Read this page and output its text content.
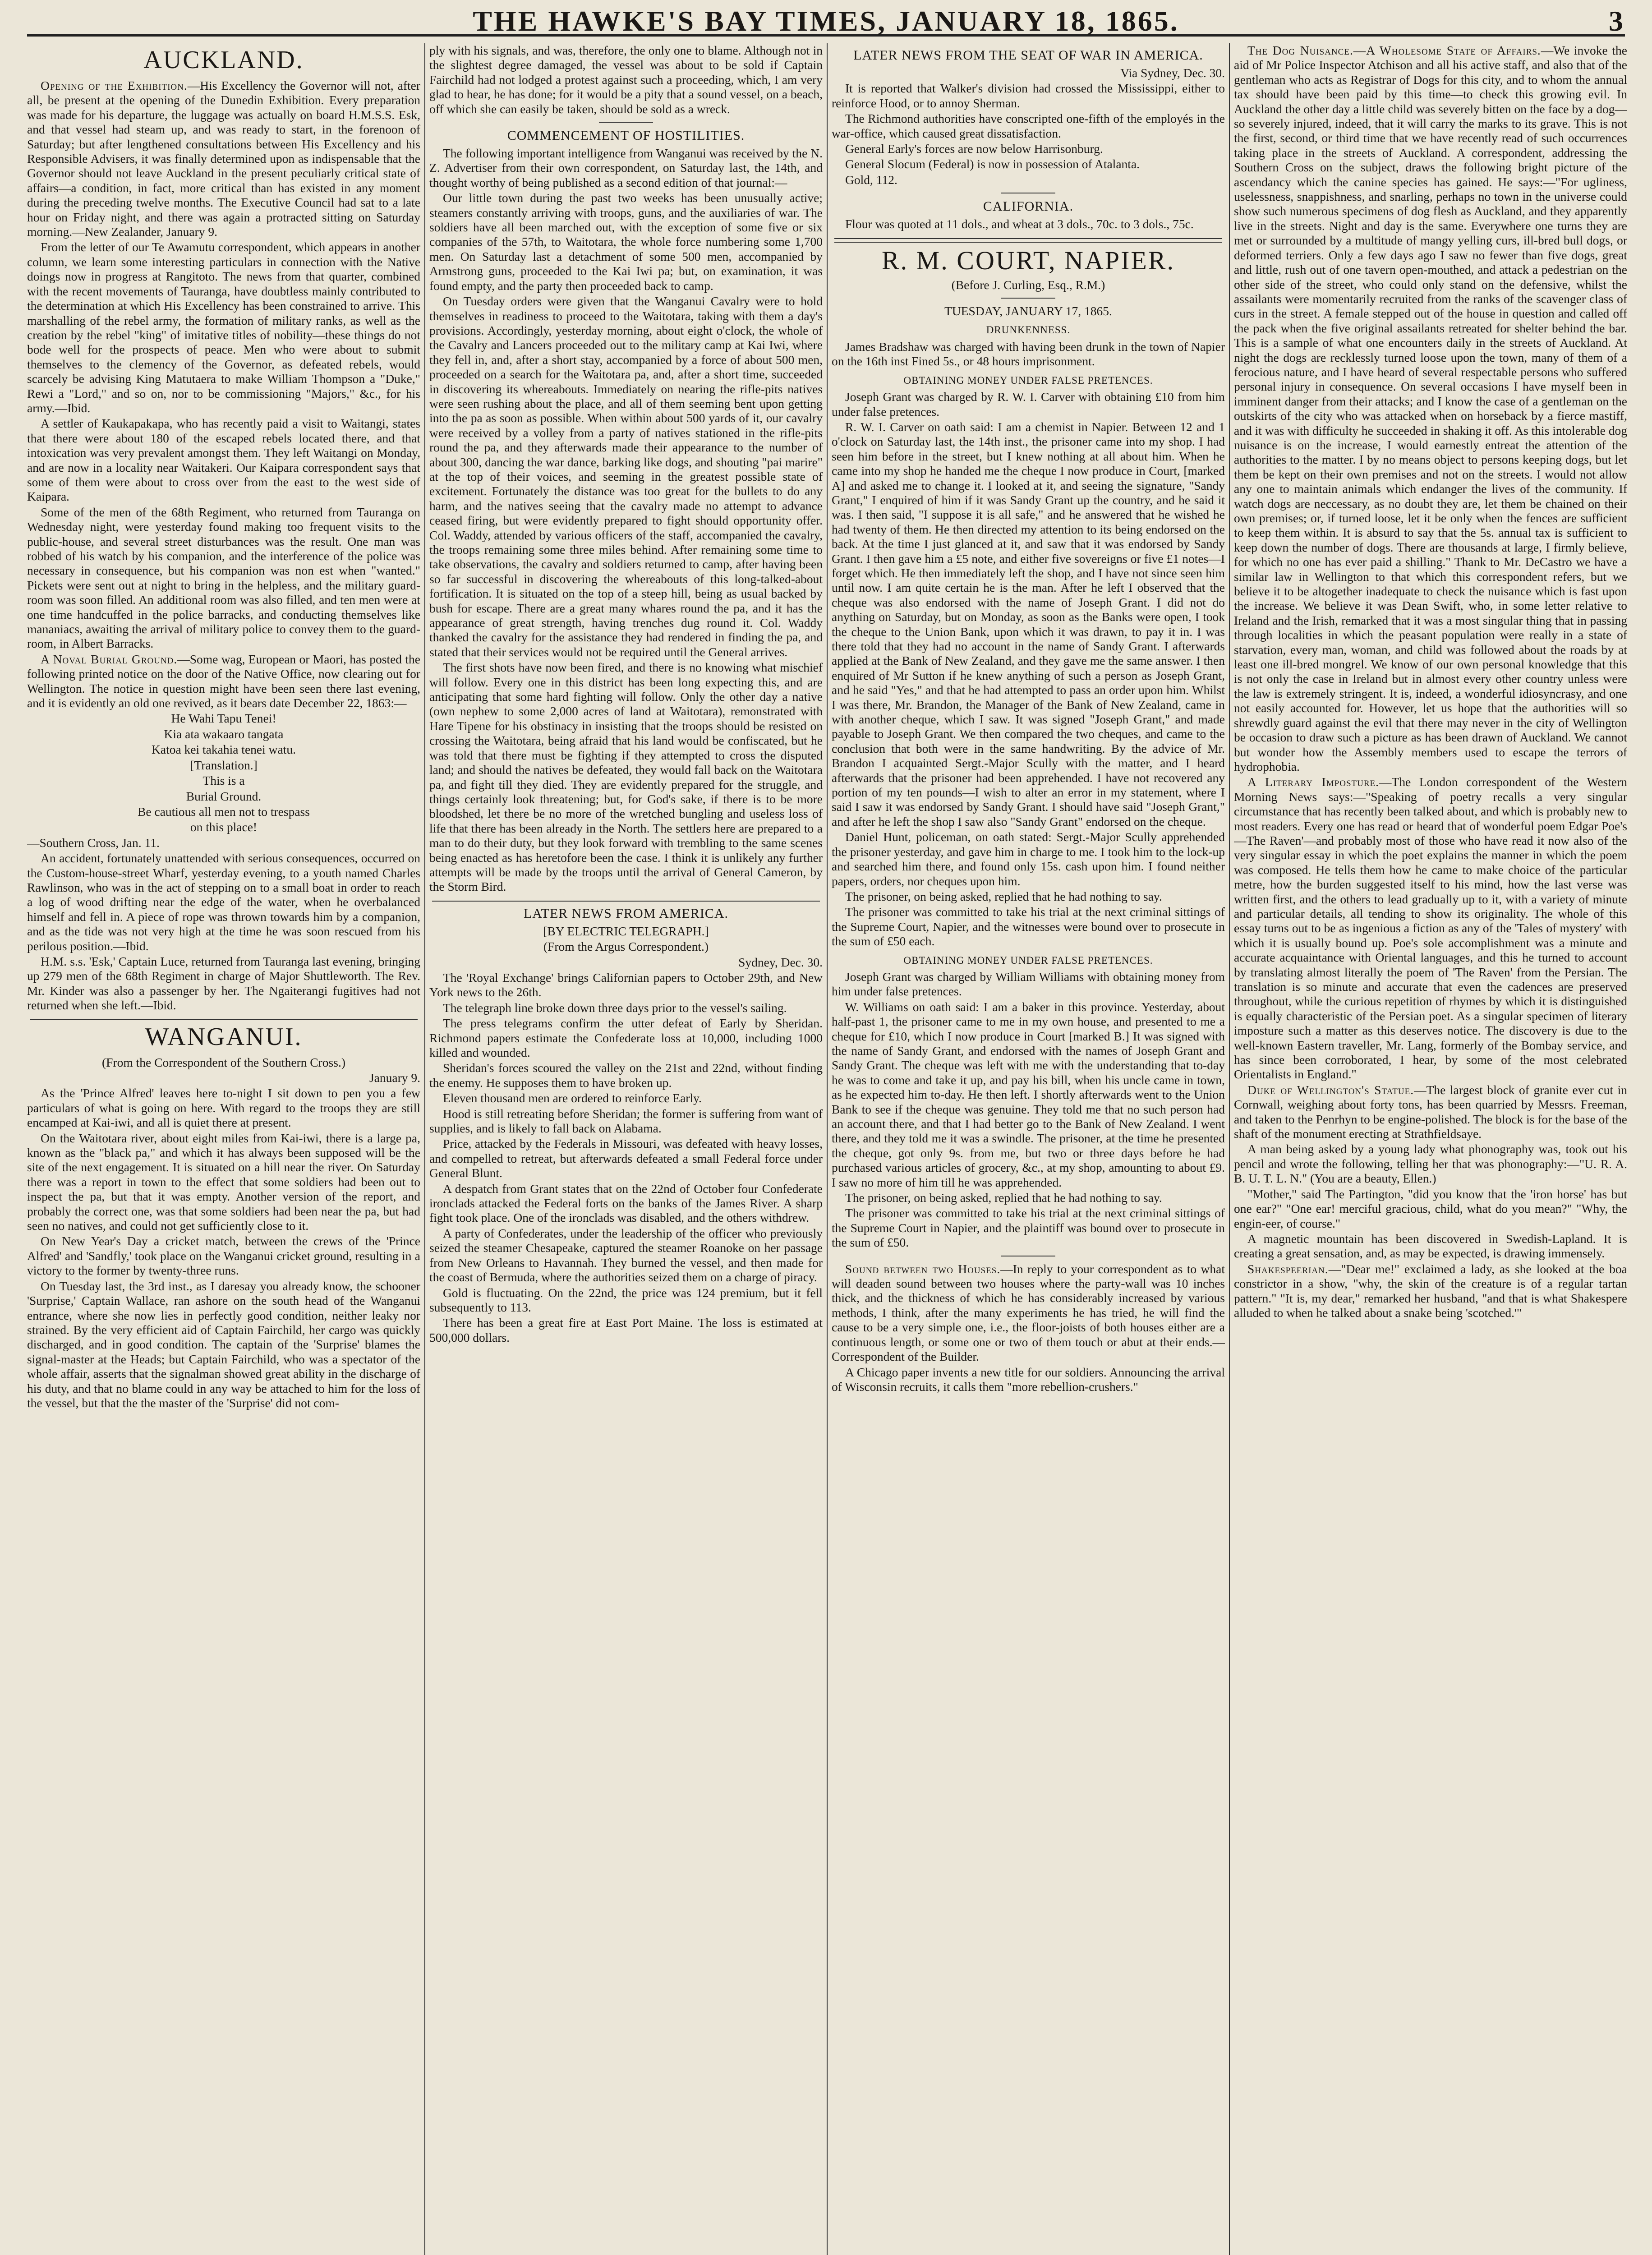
THE HAWKE'S BAY TIMES, JANUARY 18, 1865.	3
AUCKLAND.

Opening of the Exhibition.—His Excellency the Governor will not, after all, be present at the opening of the Dunedin Exhibition. Every preparation was made for his departure, the luggage was actually on board H.M.S.S. Esk, and that vessel had steam up, and was ready to start, in the forenoon of Saturday; but after lengthened consultations between His Excellency and his Responsible Advisers, it was finally determined upon as indispensable that the Governor should not leave Auckland in the present peculiarly critical state of affairs—a condition, in fact, more critical than has existed in any moment during the preceding twelve months. The Executive Council had sat to a late hour on Friday night, and there was again a protracted sitting on Saturday morning.—New Zealander, January 9.

From the letter of our Te Awamutu correspondent, which appears in another column, we learn some interesting particulars in connection with the Native doings now in progress at Rangitoto. The news from that quarter, combined with the recent movements of Tauranga, have doubtless mainly contributed to the determination at which His Excellency has been constrained to arrive. This marshalling of the rebel army, the formation of military ranks, as well as the creation by the rebel "king" of imitative titles of nobility—these things do not bode well for the prospects of peace. Men who were about to submit themselves to the clemency of the Governor, as defeated rebels, would scarcely be advising King Matutaera to make William Thompson a "Duke," Rewi a "Lord," and so on, nor to be commissioning "Majors," &c., for his army.—Ibid.

A settler of Kaukapakapa, who has recently paid a visit to Waitangi, states that there were about 180 of the escaped rebels located there, and that intoxication was very prevalent amongst them. They left Waitangi on Monday, and are now in a locality near Waitakeri. Our Kaipara correspondent says that some of them were about to cross over from the east to the west side of Kaipara.

Some of the men of the 68th Regiment, who returned from Tauranga on Wednesday night, were yesterday found making too frequent visits to the public-house, and several street disturbances was the result. One man was robbed of his watch by his companion, and the interference of the police was necessary in consequence, but his companion was non est when "wanted." Pickets were sent out at night to bring in the helpless, and the military guard-room was soon filled. An additional room was also filled, and ten men were at one time handcuffed in the police barracks, and conducting themselves like mananiacs, awaiting the arrival of military police to convey them to the guard-room, in Albert Barracks.

A Noval Burial Ground.—Some wag, European or Maori, has posted the following printed notice on the door of the Native Office, now clearing out for Wellington. The notice in question might have been seen there last evening, and it is evidently an old one revived, as it bears date December 22, 1863:—

He Wahi Tapu Tenei!

Kia ata wakaaro tangata

Katoa kei takahia tenei watu.

[Translation.]

This is a

Burial Ground.

Be cautious all men not to trespass

on this place!

—Southern Cross, Jan. 11.

An accident, fortunately unattended with serious consequences, occurred on the Custom-house-street Wharf, yesterday evening, to a youth named Charles Rawlinson, who was in the act of stepping on to a small boat in order to reach a log of wood drifting near the edge of the water, when he overbalanced himself and fell in. A piece of rope was thrown towards him by a companion, and as the tide was not very high at the time he was soon rescued from his perilous position.—Ibid.

H.M. s.s. 'Esk,' Captain Luce, returned from Tauranga last evening, bringing up 279 men of the 68th Regiment in charge of Major Shuttleworth. The Rev. Mr. Kinder was also a passenger by her. The Ngaiterangi fugitives had not returned when she left.—Ibid.

WANGANUI.

(From the Correspondent of the Southern Cross.)

January 9.

As the 'Prince Alfred' leaves here to-night I sit down to pen you a few particulars of what is going on here. With regard to the troops they are still encamped at Kai-iwi, and all is quiet there at present.

On the Waitotara river, about eight miles from Kai-iwi, there is a large pa, known as the "black pa," and which it has always been supposed will be the site of the next engagement. It is situated on a hill near the river. On Saturday there was a report in town to the effect that some soldiers had been out to inspect the pa, but that it was empty. Another version of the report, and probably the correct one, was that some soldiers had been near the pa, but had seen no natives, and could not get sufficiently close to it.

On New Year's Day a cricket match, between the crews of the 'Prince Alfred' and 'Sandfly,' took place on the Wanganui cricket ground, resulting in a victory to the former by twenty-three runs.

On Tuesday last, the 3rd inst., as I daresay you already know, the schooner 'Surprise,' Captain Wallace, ran ashore on the south head of the Wanganui entrance, where she now lies in perfectly good condition, neither leaky nor strained. By the very efficient aid of Captain Fairchild, her cargo was quickly discharged, and in good condition. The captain of the 'Surprise' blames the signal-master at the Heads; but Captain Fairchild, who was a spectator of the whole affair, asserts that the signalman showed great ability in the discharge of his duty, and that no blame could in any way be attached to him for the loss of the vessel, but that the the master of the 'Surprise' did not com-

ply with his signals, and was, therefore, the only one to blame. Although not in the slightest degree damaged, the vessel was about to be sold if Captain Fairchild had not lodged a protest against such a proceeding, which, I am very glad to hear, he has done; for it would be a pity that a sound vessel, on a beach, off which she can easily be taken, should be sold as a wreck.

COMMENCEMENT OF HOSTILITIES.

The following important intelligence from Wanganui was received by the N. Z. Advertiser from their own correspondent, on Saturday last, the 14th, and thought worthy of being published as a second edition of that journal:—

Our little town during the past two weeks has been unusually active; steamers constantly arriving with troops, guns, and the auxiliaries of war. The soldiers have all been marched out, with the exception of some five or six companies of the 57th, to Waitotara, the whole force numbering some 1,700 men. On Saturday last a detachment of some 500 men, accompanied by Armstrong guns, proceeded to the Kai Iwi pa; but, on examination, it was found empty, and the party then proceeded back to camp.

On Tuesday orders were given that the Wanganui Cavalry were to hold themselves in readiness to proceed to the Waitotara, taking with them a day's provisions. Accordingly, yesterday morning, about eight o'clock, the whole of the Cavalry and Lancers proceeded out to the military camp at Kai Iwi, where they fell in, and, after a short stay, accompanied by a force of about 500 men, proceeded on a search for the Waitotara pa, and, after a short time, succeeded in discovering its whereabouts. Immediately on nearing the rifle-pits natives were seen rushing about the place, and all of them seeming bent upon getting into the pa as soon as possible. When within about 500 yards of it, our cavalry were received by a volley from a party of natives stationed in the rifle-pits round the pa, and they afterwards made their appearance to the number of about 300, dancing the war dance, barking like dogs, and shouting "pai marire" at the top of their voices, and seeming in the greatest possible state of excitement. Fortunately the distance was too great for the bullets to do any harm, and the natives seeing that the cavalry made no attempt to advance ceased firing, but were evidently prepared to fight should opportunity offer. Col. Waddy, attended by various officers of the staff, accompanied the cavalry, the troops remaining some three miles behind. After remaining some time to take observations, the cavalry and soldiers returned to camp, after having been so far successful in discovering the whereabouts of this long-talked-about fortification. It is situated on the top of a steep hill, being as usual backed by bush for escape. There are a great many whares round the pa, and it has the appearance of great strength, having trenches dug round it. Col. Waddy thanked the cavalry for the assistance they had rendered in finding the pa, and stated that their services would not be required until the General arrives.

The first shots have now been fired, and there is no knowing what mischief will follow. Every one in this district has been long expecting this, and are anticipating that some hard fighting will follow. Only the other day a native (own nephew to some 2,000 acres of land at Waitotara), remonstrated with Hare Tipene for his obstinacy in insisting that the troops should be resisted on crossing the Waitotara, being afraid that his land would be confiscated, but he was told that there must be fighting if they attempted to cross the disputed land; and should the natives be defeated, they would fall back on the Waitotara pa, and fight till they died. They are evidently prepared for the struggle, and things certainly look threatening; but, for God's sake, if there is to be more bloodshed, let there be no more of the wretched bungling and useless loss of life that there has been already in the North. The settlers here are prepared to a man to do their duty, but they look forward with trembling to the same scenes being enacted as has heretofore been the case. I think it is unlikely any further attempts will be made by the troops until the arrival of General Cameron, by the Storm Bird.

LATER NEWS FROM AMERICA.

[BY ELECTRIC TELEGRAPH.]

(From the Argus Correspondent.)

Sydney, Dec. 30.

The 'Royal Exchange' brings Californian papers to October 29th, and New York news to the 26th.

The telegraph line broke down three days prior to the vessel's sailing.

The press telegrams confirm the utter defeat of Early by Sheridan. Richmond papers estimate the Confederate loss at 10,000, including 1000 killed and wounded.

Sheridan's forces scoured the valley on the 21st and 22nd, without finding the enemy. He supposes them to have broken up.

Eleven thousand men are ordered to reinforce Early.

Hood is still retreating before Sheridan; the former is suffering from want of supplies, and is likely to fall back on Alabama.

Price, attacked by the Federals in Missouri, was defeated with heavy losses, and compelled to retreat, but afterwards defeated a small Federal force under General Blunt.

A despatch from Grant states that on the 22nd of October four Confederate ironclads attacked the Federal forts on the banks of the James River. A sharp fight took place. One of the ironclads was disabled, and the others withdrew.

A party of Confederates, under the leadership of the officer who previously seized the steamer Chesapeake, captured the steamer Roanoke on her passage from New Orleans to Havannah. They burned the vessel, and then made for the coast of Bermuda, where the authorities seized them on a charge of piracy.

Gold is fluctuating. On the 22nd, the price was 124 premium, but it fell subsequently to 113.

There has been a great fire at East Port Maine. The loss is estimated at 500,000 dollars.

LATER NEWS FROM THE SEAT OF WAR IN AMERICA.

Via Sydney, Dec. 30.

It is reported that Walker's division had crossed the Mississippi, either to reinforce Hood, or to annoy Sherman.

The Richmond authorities have conscripted one-fifth of the employés in the war-office, which caused great dissatisfaction.

General Early's forces are now below Harrisonburg.

General Slocum (Federal) is now in possession of Atalanta.

Gold, 112.

CALIFORNIA.

Flour was quoted at 11 dols., and wheat at 3 dols., 70c. to 3 dols., 75c.

R. M. COURT, NAPIER.

(Before J. Curling, Esq., R.M.)

TUESDAY, JANUARY 17, 1865.

DRUNKENNESS.

James Bradshaw was charged with having been drunk in the town of Napier on the 16th inst Fined 5s., or 48 hours imprisonment.

OBTAINING MONEY UNDER FALSE PRETENCES.

Joseph Grant was charged by R. W. I. Carver with obtaining £10 from him under false pretences.

R. W. I. Carver on oath said: I am a chemist in Napier. Between 12 and 1 o'clock on Saturday last, the 14th inst., the prisoner came into my shop. I had seen him before in the street, but I knew nothing at all about him. When he came into my shop he handed me the cheque I now produce in Court, [marked A] and asked me to change it. I looked at it, and seeing the signature, "Sandy Grant," I enquired of him if it was Sandy Grant up the country, and he said it was. I then said, "I suppose it is all safe," and he answered that he wished he had twenty of them. He then directed my attention to its being endorsed on the back. At the time I just glanced at it, and saw that it was endorsed by Sandy Grant. I then gave him a £5 note, and either five sovereigns or five £1 notes—I forget which. He then immediately left the shop, and I have not since seen him until now. I am quite certain he is the man. After he left I observed that the cheque was also endorsed with the name of Joseph Grant. I did not do anything on Saturday, but on Monday, as soon as the Banks were open, I took the cheque to the Union Bank, upon which it was drawn, to pay it in. I was there told that they had no account in the name of Sandy Grant. I afterwards applied at the Bank of New Zealand, and they gave me the same answer. I then enquired of Mr Sutton if he knew anything of such a person as Joseph Grant, and he said "Yes," and that he had attempted to pass an order upon him. Whilst I was there, Mr. Brandon, the Manager of the Bank of New Zealand, came in with another cheque, which I saw. It was signed "Joseph Grant," and made payable to Joseph Grant. We then compared the two cheques, and came to the conclusion that both were in the same handwriting. By the advice of Mr. Brandon I acquainted Sergt.-Major Scully with the matter, and I heard afterwards that the prisoner had been apprehended. I have not recovered any portion of my ten pounds—I wish to alter an error in my statement, where I said I saw it was endorsed by Sandy Grant. I should have said "Joseph Grant," and after he left the shop I saw also "Sandy Grant" endorsed on the cheque.

Daniel Hunt, policeman, on oath stated: Sergt.-Major Scully apprehended the prisoner yesterday, and gave him in charge to me. I took him to the lock-up and searched him there, and found only 15s. cash upon him. I found neither papers, orders, nor cheques upon him.

The prisoner, on being asked, replied that he had nothing to say.

The prisoner was committed to take his trial at the next criminal sittings of the Supreme Court, Napier, and the witnesses were bound over to prosecute in the sum of £50 each.

OBTAINING MONEY UNDER FALSE PRETENCES.

Joseph Grant was charged by William Williams with obtaining money from him under false pretences.

W. Williams on oath said: I am a baker in this province. Yesterday, about half-past 1, the prisoner came to me in my own house, and presented to me a cheque for £10, which I now produce in Court [marked B.] It was signed with the name of Sandy Grant, and endorsed with the names of Joseph Grant and Sandy Grant. The cheque was left with me with the understanding that to-day he was to come and take it up, and pay his bill, when his uncle came in town, as he expected him to-day. He then left. I shortly afterwards went to the Union Bank to see if the cheque was genuine. They told me that no such person had an account there, and that I had better go to the Bank of New Zealand. I went there, and they told me it was a swindle. The prisoner, at the time he presented the cheque, got only 9s. from me, but two or three days before he had purchased various articles of grocery, &c., at my shop, amounting to about £9. I saw no more of him till he was apprehended.

The prisoner, on being asked, replied that he had nothing to say.

The prisoner was committed to take his trial at the next criminal sittings of the Supreme Court in Napier, and the plaintiff was bound over to prosecute in the sum of £50.

Sound between two Houses.—In reply to your correspondent as to what will deaden sound between two houses where the party-wall was 10 inches thick, and the thickness of which he has considerably increased by various methods, I think, after the many experiments he has tried, he will find the cause to be a very simple one, i.e., the floor-joists of both houses either are a continuous length, or some one or two of them touch or abut at their ends.—Correspondent of the Builder.

A Chicago paper invents a new title for our soldiers. Announcing the arrival of Wisconsin recruits, it calls them "more rebellion-crushers."

The Dog Nuisance.—A Wholesome State of Affairs.—We invoke the aid of Mr Police Inspector Atchison and all his active staff, and also that of the gentleman who acts as Registrar of Dogs for this city, and to whom the annual tax should have been paid by this time—to check this growing evil. In Auckland the other day a little child was severely bitten on the face by a dog—so severely injured, indeed, that it will carry the marks to its grave. This is not the first, second, or third time that we have recently read of such occurrences taking place in the streets of Auckland. A correspondent, addressing the Southern Cross on the subject, draws the following bright picture of the ascendancy which the canine species has gained. He says:—"For ugliness, uselessness, snappishness, and snarling, perhaps no town in the universe could show such numerous specimens of dog flesh as Auckland, and they apparently live in the streets. Night and day is the same. Everywhere one turns they are met or surrounded by a multitude of mangy yelling curs, ill-bred bull dogs, or deformed terriers. Only a few days ago I saw no fewer than five dogs, great and little, rush out of one tavern open-mouthed, and attack a pedestrian on the other side of the street, who could only stand on the defensive, whilst the assailants were momentarily recruited from the ranks of the scavenger class of curs in the street. A female stepped out of the house in question and called off the pack when the five original assailants retreated for shelter behind the bar. This is a sample of what one encounters daily in the streets of Auckland. At night the dogs are recklessly turned loose upon the town, many of them of a ferocious nature, and I have heard of several respectable persons who suffered personal injury in consequence. On several occasions I have myself been in imminent danger from their attacks; and I know the case of a gentleman on the outskirts of the city who was attacked when on horseback by a fierce mastiff, and it was with difficulty he succeeded in shaking it off. As this intolerable dog nuisance is on the increase, I would earnestly entreat the attention of the authorities to the matter. I by no means object to persons keeping dogs, but let them be kept on their own premises and not on the streets. I would not allow any one to maintain animals which endanger the lives of the community. If watch dogs are neccessary, as no doubt they are, let them be chained on their own premises; or, if turned loose, let it be only when the fences are sufficient to keep them within. It is absurd to say that the 5s. annual tax is sufficient to keep down the number of dogs. There are thousands at large, I firmly believe, for which no one has ever paid a shilling." Thank to Mr. DeCastro we have a similar law in Wellington to that which this correspondent refers, but we believe it to be altogether inadequate to check the nuisance which is fast upon the increase. We believe it was Dean Swift, who, in some letter relative to Ireland and the Irish, remarked that it was a most singular thing that in passing through localities in which the peasant population were really in a state of starvation, every man, woman, and child was followed about the roads by at least one ill-bred mongrel. We know of our own personal knowledge that this is not only the case in Ireland but in almost every other country unless were the law is extremely stringent. It is, indeed, a wonderful idiosyncrasy, and one not easily accounted for. However, let us hope that the authorities will so shrewdly guard against the evil that there may never in the city of Wellington be occasion to draw such a picture as has been drawn of Auckland. We cannot but wonder how the Assembly members used to escape the terrors of hydrophobia.

A Literary Imposture.—The London correspondent of the Western Morning News says:—"Speaking of poetry recalls a very singular circumstance that has recently been talked about, and which is probably new to most readers. Every one has read or heard that of wonderful poem Edgar Poe's—The Raven'—and probably most of those who have read it now also of the very singular essay in which the poet explains the manner in which the poem was composed. He tells them how he came to make choice of the particular metre, how the burden suggested itself to his mind, how the last verse was written first, and the others to lead gradually up to it, with a variety of minute and particular details, all tending to show its originality. The whole of this essay turns out to be as ingenious a fiction as any of the 'Tales of mystery' with which it is usually bound up. Poe's sole accomplishment was a minute and accurate acquaintance with Oriental languages, and this he turned to account by translating almost literally the poem of 'The Raven' from the Persian. The translation is so minute and accurate that even the cadences are preserved throughout, while the curious repetition of rhymes by which it is distinguished is equally characteristic of the Persian poet. As a singular specimen of literary imposture such a matter as this deserves notice. The discovery is due to the well-known Eastern traveller, Mr. Lang, formerly of the Bombay service, and has since been corroborated, I hear, by some of the most celebrated Orientalists in England."

Duke of Wellington's Statue.—The largest block of granite ever cut in Cornwall, weighing about forty tons, has been quarried by Messrs. Freeman, and taken to the Penrhyn to be engine-polished. The block is for the base of the shaft of the monument erecting at Strathfieldsaye.

A man being asked by a young lady what phonography was, took out his pencil and wrote the following, telling her that was phonography:—"U. R. A. B. U. T. L. N." (You are a beauty, Ellen.)

"Mother," said The Partington, "did you know that the 'iron horse' has but one ear?" "One ear! merciful gracious, child, what do you mean?" "Why, the engin-eer, of course."

A magnetic mountain has been discovered in Swedish-Lapland. It is creating a great sensation, and, as may be expected, is drawing immensely.

Shakespeerian.—"Dear me!" exclaimed a lady, as she looked at the boa constrictor in a show, "why, the skin of the creature is of a regular tartan pattern." "It is, my dear," remarked her husband, "and that is what Shakespere alluded to when he talked about a snake being 'scotched.'"
